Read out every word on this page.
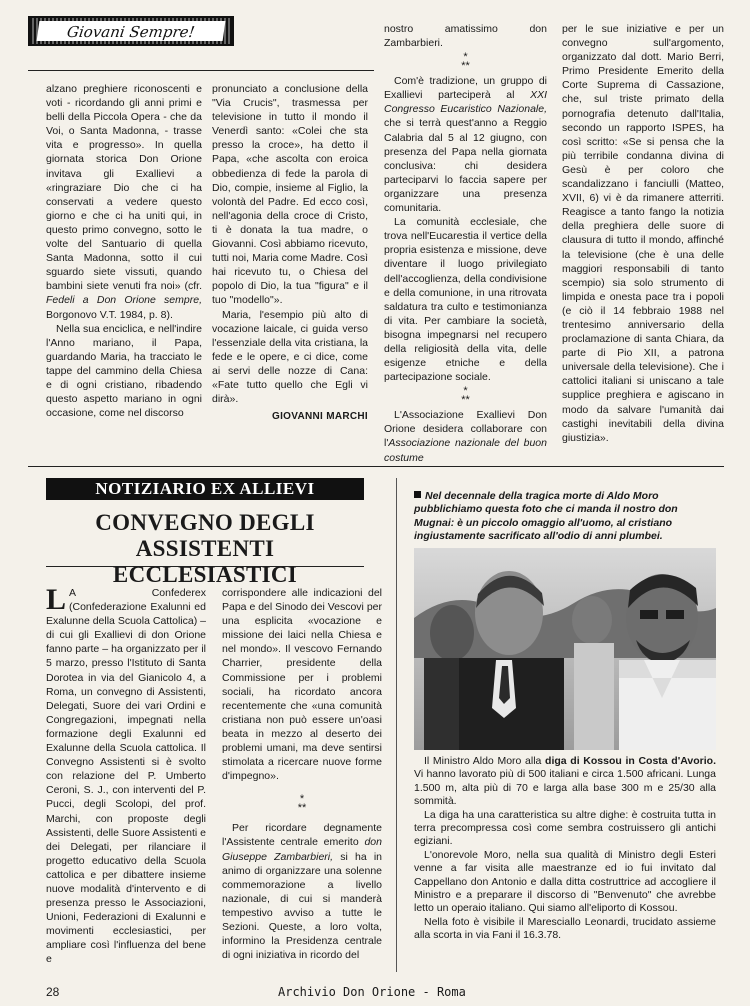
Giovani Sempre!

alzano preghiere riconoscenti e voti - ricordando gli anni primi e belli della Piccola Opera - che da Voi, o Santa Madonna, - trasse vita e progresso». In quella giornata storica Don Orione invitava gli Exallievi a «ringraziare Dio che ci ha conservati a vedere questo giorno e che ci ha uniti qui, in questo primo convegno, sotto le volte del Santuario di quella Santa Madonna, sotto il cui sguardo siete vissuti, quando bambini siete venuti fra noi» (cfr. Fedeli a Don Orione sempre, Borgonovo V.T. 1984, p. 8).

Nella sua enciclica, e nell'indire l'Anno mariano, il Papa, guardando Maria, ha tracciato le tappe del cammino della Chiesa e di ogni cristiano, ribadendo questo aspetto mariano in ogni occasione, come nel discorso

pronunciato a conclusione della "Via Crucis", trasmessa per televisione in tutto il mondo il Venerdì santo: «Colei che sta presso la croce», ha detto il Papa, «che ascolta con eroica obbedienza di fede la parola di Dio, compie, insieme al Figlio, la volontà del Padre. Ed ecco così, nell'agonia della croce di Cristo, ti è donata la tua madre, o Giovanni. Così abbiamo ricevuto, tutti noi, Maria come Madre. Così hai ricevuto tu, o Chiesa del popolo di Dio, la tua "figura" e il tuo "modello"».

Maria, l'esempio più alto di vocazione laicale, ci guida verso l'essenziale della vita cristiana, la fede e le opere, e ci dice, come ai servi delle nozze di Cana: «Fate tutto quello che Egli vi dirà».

GIOVANNI MARCHI

nostro amatissimo don Zambarbieri.

*
**

Com'è tradizione, un gruppo di Exallievi parteciperà al XXI Congresso Eucaristico Nazionale, che si terrà quest'anno a Reggio Calabria dal 5 al 12 giugno, con presenza del Papa nella giornata conclusiva: chi desidera parteciparvi lo faccia sapere per organizzare una presenza comunitaria.

La comunità ecclesiale, che trova nell'Eucarestia il vertice della propria esistenza e missione, deve diventare il luogo privilegiato dell'accoglienza, della condivisione e della comunione, in una ritrovata saldatura tra culto e testimonianza di vita. Per cambiare la società, bisogna impegnarsi nel recupero della religiosità della vita, delle esigenze etniche e della partecipazione sociale.

*
**

L'Associazione Exallievi Don Orione desidera collaborare con l'Associazione nazionale del buon costume

per le sue iniziative e per un convegno sull'argomento, organizzato dal dott. Mario Berri, Primo Presidente Emerito della Corte Suprema di Cassazione, che, sul triste primato della pornografia detenuto dall'Italia, secondo un rapporto ISPES, ha così scritto: «Se si pensa che la più terribile condanna divina di Gesù è per coloro che scandalizzano i fanciulli (Matteo, XVII, 6) vi è da rimanere atterriti. Reagisce a tanto fango la notizia della preghiera delle suore di clausura di tutto il mondo, affinché la televisione (che è una delle maggiori responsabili di tanto scempio) sia solo strumento di limpida e onesta pace tra i popoli (e ciò il 14 febbraio 1988 nel trentesimo anniversario della proclamazione di santa Chiara, da parte di Pio XII, a patrona universale della televisione). Che i cattolici italiani si uniscano a tale supplice preghiera e agiscano in modo da salvare l'umanità dai castighi inevitabili della divina giustizia».

NOTIZIARIO EX ALLIEVI
CONVEGNO DEGLI ASSISTENTI ECCLESIASTICI

L A Confederex (Confederazione Exalunni ed Exalunne della Scuola Cattolica) – di cui gli Exallievi di don Orione fanno parte – ha organizzato per il 5 marzo, presso l'Istituto di Santa Dorotea in via del Gianicolo 4, a Roma, un convegno di Assistenti, Delegati, Suore dei vari Ordini e Congregazioni, impegnati nella formazione degli Exalunni ed Exalunne della Scuola cattolica. Il Convegno Assistenti si è svolto con relazione del P. Umberto Ceroni, S. J., con interventi del P. Pucci, degli Scolopi, del prof. Marchi, con proposte degli Assistenti, delle Suore Assistenti e dei Delegati, per rilanciare il progetto educativo della Scuola cattolica e per dibattere insieme nuove modalità d'intervento e di presenza presso le Associazioni, Unioni, Federazioni di Exalunni e movimenti ecclesiastici, per ampliare così l'influenza del bene e

corrispondere alle indicazioni del Papa e del Sinodo dei Vescovi per una esplicita «vocazione e missione dei laici nella Chiesa e nel mondo». Il vescovo Fernando Charrier, presidente della Commissione per i problemi sociali, ha ricordato ancora recentemente che «una comunità cristiana non può essere un'oasi beata in mezzo al deserto dei problemi umani, ma deve sentirsi stimolata a ricercare nuove forme d'impegno».

*
**

Per ricordare degnamente l'Assistente centrale emerito don Giuseppe Zambarbieri, si ha in animo di organizzare una solenne commemorazione a livello nazionale, di cui si manderà tempestivo avviso a tutte le Sezioni. Queste, a loro volta, informino la Presidenza centrale di ogni iniziativa in ricordo del

Nel decennale della tragica morte di Aldo Moro pubblichiamo questa foto che ci manda il nostro don Mugnai: è un piccolo omaggio all'uomo, al cristiano ingiustamente sacrificato all'odio di anni plumbei.

Il Ministro Aldo Moro alla diga di Kossou in Costa d'Avorio. Vi hanno lavorato più di 500 italiani e circa 1.500 africani. Lunga 1.500 m, alta più di 70 e larga alla base 300 m e 25/30 alla sommità.

La diga ha una caratteristica su altre dighe: è costruita tutta in terra precompressa così come sembra costruissero gli antichi egiziani.

L'onorevole Moro, nella sua qualità di Ministro degli Esteri venne a far visita alle maestranze ed io fui invitato dal Cappellano don Antonio e dalla ditta costruttrice ad accogliere il Ministro e a preparare il discorso di "Benvenuto" che avrebbe letto un operaio italiano. Qui siamo all'eliporto di Kossou.

Nella foto è visibile il Maresciallo Leonardi, trucidato assieme alla scorta in via Fani il 16.3.78.

28	Archivio Don Orione - Roma
